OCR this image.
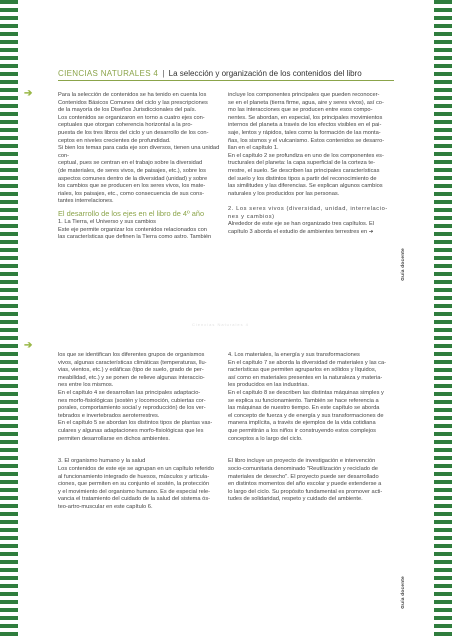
CIENCIAS NATURALES 4 | La selección y organización de los contenidos del libro
➔
➔

Para la selección de contenidos se ha tenido en cuenta los

Contenidos Básicos Comunes del ciclo y las prescripciones

de la mayoría de los Diseños Jurisdiccionales del país.

Los contenidos se organizaron en torno a cuatro ejes con-

ceptuales que otorgan coherencia horizontal a la pro-

puesta de los tres libros del ciclo y un desarrollo de los con-

ceptos en niveles crecientes de profundidad.

Si bien los temas para cada eje son diversos, tienen una unidad con-

ceptual, pues se centran en el trabajo sobre la diversidad

(de materiales, de seres vivos, de paisajes, etc.), sobre los

aspectos comunes dentro de la diversidad (unidad) y sobre

los cambios que se producen en los seres vivos, los mate-

riales, los paisajes, etc., como consecuencia de sus cons-

tantes interrelaciones.

El desarrollo de los ejes en el libro de 4º año

1. La Tierra, el Universo y sus cambios

Este eje permite organizar los contenidos relacionados con

las características que definen la Tierra como astro. También

incluye los componentes principales que pueden reconocer-

se en el planeta (tierra firme, agua, aire y seres vivos), así co-

mo las interacciones que se producen entre esos compo-

nentes. Se abordan, en especial, los principales movimientos

internos del planeta a través de los efectos visibles en el pai-

saje, lentos y rápidos, tales como la formación de las monta-

ñas, los sismos y el vulcanismo. Estos contenidos se desarro-

llan en el capítulo 1.

En el capítulo 2 se profundiza en uno de los componentes es-

tructurales del planeta: la capa superficial de la corteza te-

rrestre, el suelo. Se describen las principales características

del suelo y los distintos tipos a partir del reconocimiento de

las similitudes y las diferencias. Se explican algunos cambios

naturales y los producidos por las personas.

2. Los seres vivos (diversidad, unidad, interrelacio-

nes y cambios)

Alrededor de este eje se han organizado tres capítulos. El

capítulo 3 aborda el estudio de ambientes terrestres en ➔

Guía docente
Guía docente
Ciencias Naturales 4

los que se identifican los diferentes grupos de organismos

vivos, algunas características climáticas (temperaturas, llu-

vias, vientos, etc.) y edáficas (tipo de suelo, grado de per-

meabilidad, etc.) y se ponen de relieve algunas interaccio-

nes entre los mismos.

En el capítulo 4 se desarrollan las principales adaptacio-

nes morfo-fisiológicas (sostén y locomoción, cubiertas cor-

porales, comportamiento social y reproducción) de los ver-

tebrados e invertebrados aeroterrestres.

En el capítulo 5 se abordan los distintos tipos de plantas vas-

culares y algunas adaptaciones morfo-fisiológicas que les

permiten desarrollarse en dichos ambientes.

3. El organismo humano y la salud

Los contenidos de este eje se agrupan en un capítulo referido

al funcionamiento integrado de huesos, músculos y articula-

ciones, que permiten en su conjunto el sostén, la protección

y el movimiento del organismo humano. Es de especial rele-

vancia el tratamiento del cuidado de la salud del sistema ós-

teo-artro-muscular en este capítulo 6.

4. Los materiales, la energía y sus transformaciones

En el capítulo 7 se aborda la diversidad de materiales y las ca-

racterísticas que permiten agruparlos en sólidos y líquidos,

así como en materiales presentes en la naturaleza y materia-

les producidos en las industrias.

En el capítulo 8 se describen las distintas máquinas simples y

se explica su funcionamiento. También se hace referencia a

las máquinas de nuestro tiempo. En este capítulo se aborda

el concepto de fuerza y de energía y sus transformaciones de

manera implícita, a través de ejemplos de la vida cotidiana

que permitirán a los niños ir construyendo estos complejos

conceptos a lo largo del ciclo.

El libro incluye un proyecto de investigación e intervención

socio-comunitaria denominado "Reutilización y reciclado de

materiales de desecho". El proyecto puede ser desarrollado

en distintos momentos del año escolar y puede extenderse a

lo largo del ciclo. Su propósito fundamental es promover acti-

tudes de solidaridad, respeto y cuidado del ambiente.
